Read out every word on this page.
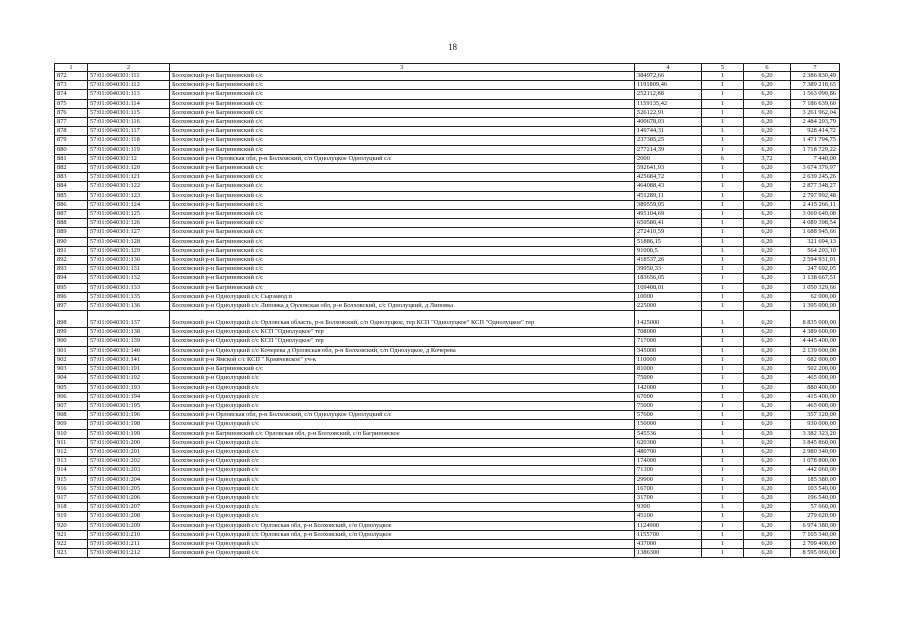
18
1	2	3	4	5	6	7
872	57:01:0040301:111	Болховский р-н Багриновский с/с	384972,66	1	6,20	2 386 830,49
873	57:01:0040301:112	Болховский р-н Багриновский с/с	1191809,46	1	6,20	7 389 218,65
874	57:01:0040301:113	Болховский р-н Багриновский с/с	252112,88	1	6,20	1 563 099,86
875	57:01:0040301:114	Болховский р-н Багриновский с/с	1159135,42	1	6,20	7 186 639,60
876	57:01:0040301:115	Болховский р-н Багриновский с/с	526122,91	1	6,20	3 261 962,04
877	57:01:0040301:116	Болховский р-н Багриновский с/с	400678,03	1	6,20	2 484 203,79
878	57:01:0040301:117	Болховский р-н Багриновский с/с	149744,31	1	6,20	928 414,72
879	57:01:0040301:118	Болховский р-н Багриновский с/с	237385,25	1	6,20	1 471 794,75
880	57:01:0040301:119	Болховский р-н Багриновский с/с	277214,39	1	6,20	1 718 729,22
881	57:01:0040301:12	Болховский р-н Орловская обл, р-н Болховский, с/п Однолуцкое Однолуцкий с/с	2000	6	3,72	7 440,00
882	57:01:0040301:120	Болховский р-н Багриновский с/с	592641,93	1	6,20	3 674 379,97
883	57:01:0040301:121	Болховский р-н Багриновский с/с	425684,72	1	6,20	2 639 245,26
884	57:01:0040301:122	Болховский р-н Багриновский с/с	464088,43	1	6,20	2 877 348,27
885	57:01:0040301:123	Болховский р-н Багриновский с/с	451289,11	1	6,20	2 797 992,48
886	57:01:0040301:124	Болховский р-н Багриновский с/с	389559,05	1	6,20	2 415 266,11
887	57:01:0040301:125	Болховский р-н Багриновский с/с	495104,69	1	6,20	3 069 649,08
888	57:01:0040301:126	Болховский р-н Багриновский с/с	659580,41	1	6,20	4 089 398,54
889	57:01:0040301:127	Болховский р-н Багриновский с/с	272410,59	1	6,20	1 688 945,66
890	57:01:0040301:128	Болховский р-н Багриновский с/с	51886,15	1	6,20	321 694,13
891	57:01:0040301:129	Болховский р-н Багриновский с/с	91000,5	1	6,20	564 203,10
892	57:01:0040301:130	Болховский р-н Багриновский с/с	418537,26	1	6,20	2 594 931,01
893	57:01:0040301:131	Болховский р-н Багриновский с/с	39950,33	1	6,20	247 692,05
894	57:01:0040301:132	Болховский р-н Багриновский с/с	183656,05	1	6,20	1 138 667,51
895	57:01:0040301:133	Болховский р-н Багриновский с/с	169408,01	1	6,20	1 050 329,66
896	57:01:0040301:135	Болховский р-н Однолуцкий с/с Сырзавод п	10000	1	6,20	62 000,00
897	57:01:0040301:136	Болховский р-н Однолуцкий с/с Липовка д Орловская обл, р-н Болховский, с/с Однолуцкий, д Липовка	225000	1	6,20	1 395 000,00
898	57:01:0040301:137	Болховский р-н Однолуцкий с/с Орловская область, р-н Болховский, с/п Однолуцкое, тер КСП "Однолуцкое" КСП "Однолуцкое" тер	1425000	1	6,20	8 835 000,00
899	57:01:0040301:138	Болховский р-н Однолуцкий с/с КСП "Однолуцкое" тер	708000	1	6,20	4 389 600,00
900	57:01:0040301:139	Болховский р-н Однолуцкий с/с КСП "Однолуцкое" тер	717000	1	6,20	4 445 400,00
901	57:01:0040301:140	Болховский р-н Однолуцкий с/с Кочерева д Орловская обл, р-н Болховский, с/п Однолуцкое, д Кочерева	345000	1	6,20	2 139 000,00
902	57:01:0040301:141	Болховский р-н Ямской с/с КСП " Кривчевское" уч-к	110000	1	6,20	682 000,00
903	57:01:0040301:191	Болховский р-н Багриновский с/с	81000	1	6,20	502 200,00
904	57:01:0040301:192	Болховский р-н Однолуцкий с/с	75000	1	6,20	465 000,00
905	57:01:0040301:193	Болховский р-н Однолуцкий с/с	142000	1	6,20	880 400,00
906	57:01:0040301:194	Болховский р-н Однолуцкий с/с	67000	1	6,20	415 400,00
907	57:01:0040301:195	Болховский р-н Однолуцкий с/с	75000	1	6,20	465 000,00
908	57:01:0040301:196	Болховский р-н Орловская обл, р-н Болховский, с/п Однолуцкое Однолуцкий с/с	57600	1	6,20	357 120,00
909	57:01:0040301:198	Болховский р-н Однолуцкий с/с	150000	1	6,20	930 000,00
910	57:01:0040301:199	Болховский р-н Багриновский с/с Орловская обл, р-н Болховский, с/п Багриновское	545536	1	6,20	3 382 323,20
911	57:01:0040301:200	Болховский р-н Однолуцкий с/с	620300	1	6,20	3 845 860,00
912	57:01:0040301:201	Болховский р-н Однолуцкий с/с	480700	1	6,20	2 980 340,00
913	57:01:0040301:202	Болховский р-н Однолуцкий с/с	174000	1	6,20	1 078 800,00
914	57:01:0040301:203	Болховский р-н Однолуцкий с/с	71300	1	6,20	442 060,00
915	57:01:0040301:204	Болховский р-н Однолуцкий с/с	29900	1	6,20	185 380,00
916	57:01:0040301:205	Болховский р-н Однолуцкий с/с	16700	1	6,20	103 540,00
917	57:01:0040301:206	Болховский р-н Однолуцкий с/с	31700	1	6,20	196 540,00
918	57:01:0040301:207	Болховский р-н Однолуцкий с/с	9300	1	6,20	57 660,00
919	57:01:0040301:208	Болховский р-н Однолуцкий с/с	45100	1	6,20	279 620,00
920	57:01:0040301:209	Болховский р-н Однолуцкий с/с Орловская обл, р-н Болховский, с/п Однолуцкое	1124900	1	6,20	6 974 380,00
921	57:01:0040301:210	Болховский р-н Однолуцкий с/с Орловская обл, р-н Болховский, с/п Однолуцкое	1155700	1	6,20	7 165 340,00
922	57:01:0040301:211	Болховский р-н Однолуцкий с/с	437000	1	6,20	2 709 400,00
923	57:01:0040301:212	Болховский р-н Однолуцкий с/с	1386300	1	6,20	8 595 060,00
